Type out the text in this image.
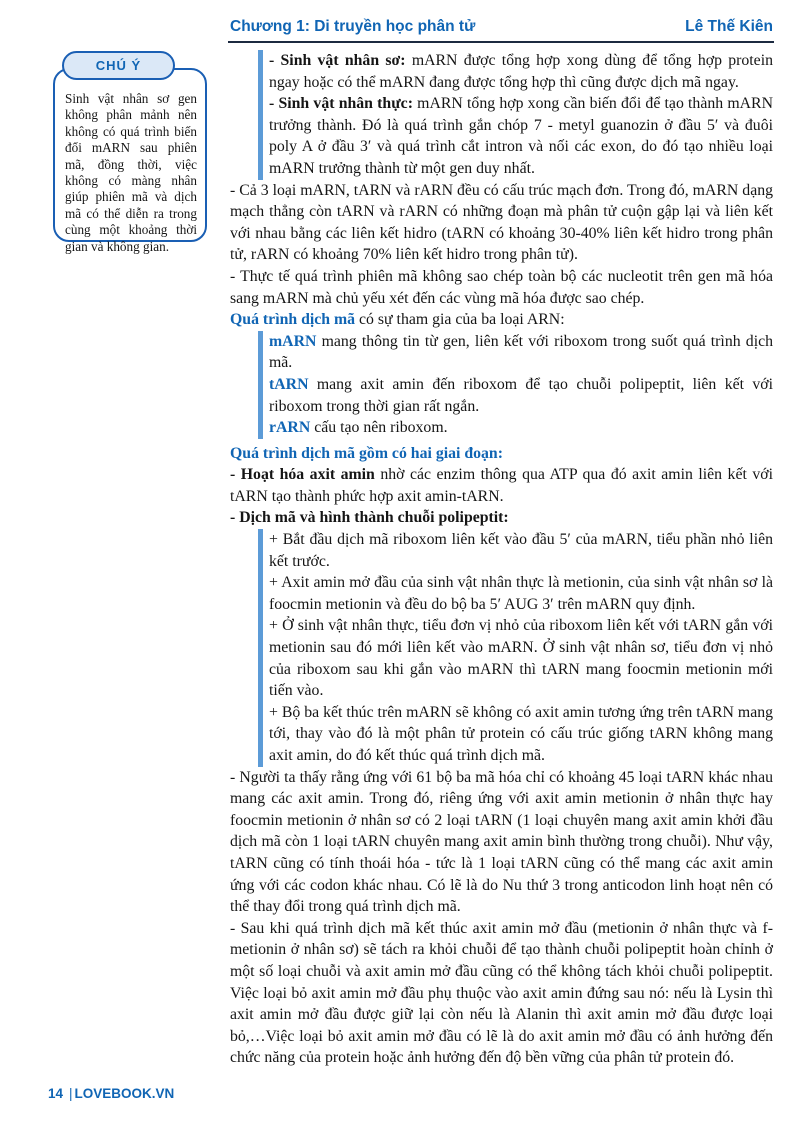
Chương 1: Di truyền học phân tử	Lê Thế Kiên
CHÚ Ý
Sinh vật nhân sơ gen không phân mảnh nên không có quá trình biến đổi mARN sau phiên mã, đồng thời, việc không có màng nhân giúp phiên mã và dịch mã có thể diễn ra trong cùng một khoảng thời gian và không gian.

- Sinh vật nhân sơ: mARN được tổng hợp xong dùng để tổng hợp protein ngay hoặc có thể mARN đang được tổng hợp thì cũng được dịch mã ngay.

- Sinh vật nhân thực: mARN tổng hợp xong cần biến đổi để tạo thành mARN trưởng thành. Đó là quá trình gắn chóp 7 - metyl guanozin ở đầu 5′ và đuôi poly A ở đầu 3′ và quá trình cắt intron và nối các exon, do đó tạo nhiều loại mARN trưởng thành từ một gen duy nhất.

- Cả 3 loại mARN, tARN và rARN đều có cấu trúc mạch đơn. Trong đó, mARN dạng mạch thẳng còn tARN và rARN có những đoạn mà phân tử cuộn gập lại và liên kết với nhau bằng các liên kết hidro (tARN có khoảng 30-40% liên kết hidro trong phân tử, rARN có khoảng 70% liên kết hidro trong phân tử).

- Thực tế quá trình phiên mã không sao chép toàn bộ các nucleotit trên gen mã hóa sang mARN mà chủ yếu xét đến các vùng mã hóa được sao chép.

Quá trình dịch mã có sự tham gia của ba loại ARN:

mARN mang thông tin từ gen, liên kết với riboxom trong suốt quá trình dịch mã.

tARN mang axit amin đến riboxom để tạo chuỗi polipeptit, liên kết với riboxom trong thời gian rất ngắn.

rARN cấu tạo nên riboxom.

Quá trình dịch mã gồm có hai giai đoạn:

- Hoạt hóa axit amin nhờ các enzim thông qua ATP qua đó axit amin liên kết với tARN tạo thành phức hợp axit amin-tARN.

- Dịch mã và hình thành chuỗi polipeptit:

+ Bắt đầu dịch mã riboxom liên kết vào đầu 5′ của mARN, tiểu phần nhỏ liên kết trước.

+ Axit amin mở đầu của sinh vật nhân thực là metionin, của sinh vật nhân sơ là foocmin metionin và đều do bộ ba 5′ AUG 3′ trên mARN quy định.

+ Ở sinh vật nhân thực, tiểu đơn vị nhỏ của riboxom liên kết với tARN gắn với metionin sau đó mới liên kết vào mARN. Ở sinh vật nhân sơ, tiểu đơn vị nhỏ của riboxom sau khi gắn vào mARN thì tARN mang foocmin metionin mới tiến vào.

+ Bộ ba kết thúc trên mARN sẽ không có axit amin tương ứng trên tARN mang tới, thay vào đó là một phân tử protein có cấu trúc giống tARN không mang axit amin, do đó kết thúc quá trình dịch mã.

- Người ta thấy rằng ứng với 61 bộ ba mã hóa chỉ có khoảng 45 loại tARN khác nhau mang các axit amin. Trong đó, riêng ứng với axit amin metionin ở nhân thực hay foocmin metionin ở nhân sơ có 2 loại tARN (1 loại chuyên mang axit amin khởi đầu dịch mã còn 1 loại tARN chuyên mang axit amin bình thường trong chuỗi). Như vậy, tARN cũng có tính thoái hóa - tức là 1 loại tARN cũng có thể mang các axit amin ứng với các codon khác nhau. Có lẽ là do Nu thứ 3 trong anticodon linh hoạt nên có thể thay đổi trong quá trình dịch mã.

- Sau khi quá trình dịch mã kết thúc axit amin mở đầu (metionin ở nhân thực và f-metionin ở nhân sơ) sẽ tách ra khỏi chuỗi để tạo thành chuỗi polipeptit hoàn chỉnh ở một số loại chuỗi và axit amin mở đầu cũng có thể không tách khỏi chuỗi polipeptit. Việc loại bỏ axit amin mở đầu phụ thuộc vào axit amin đứng sau nó: nếu là Lysin thì axit amin mở đầu được giữ lại còn nếu là Alanin thì axit amin mở đầu được loại bỏ,…Việc loại bỏ axit amin mở đầu có lẽ là do axit amin mở đầu có ảnh hưởng đến chức năng của protein hoặc ảnh hưởng đến độ bền vững của phân tử protein đó.

14 | LOVEBOOK.VN
